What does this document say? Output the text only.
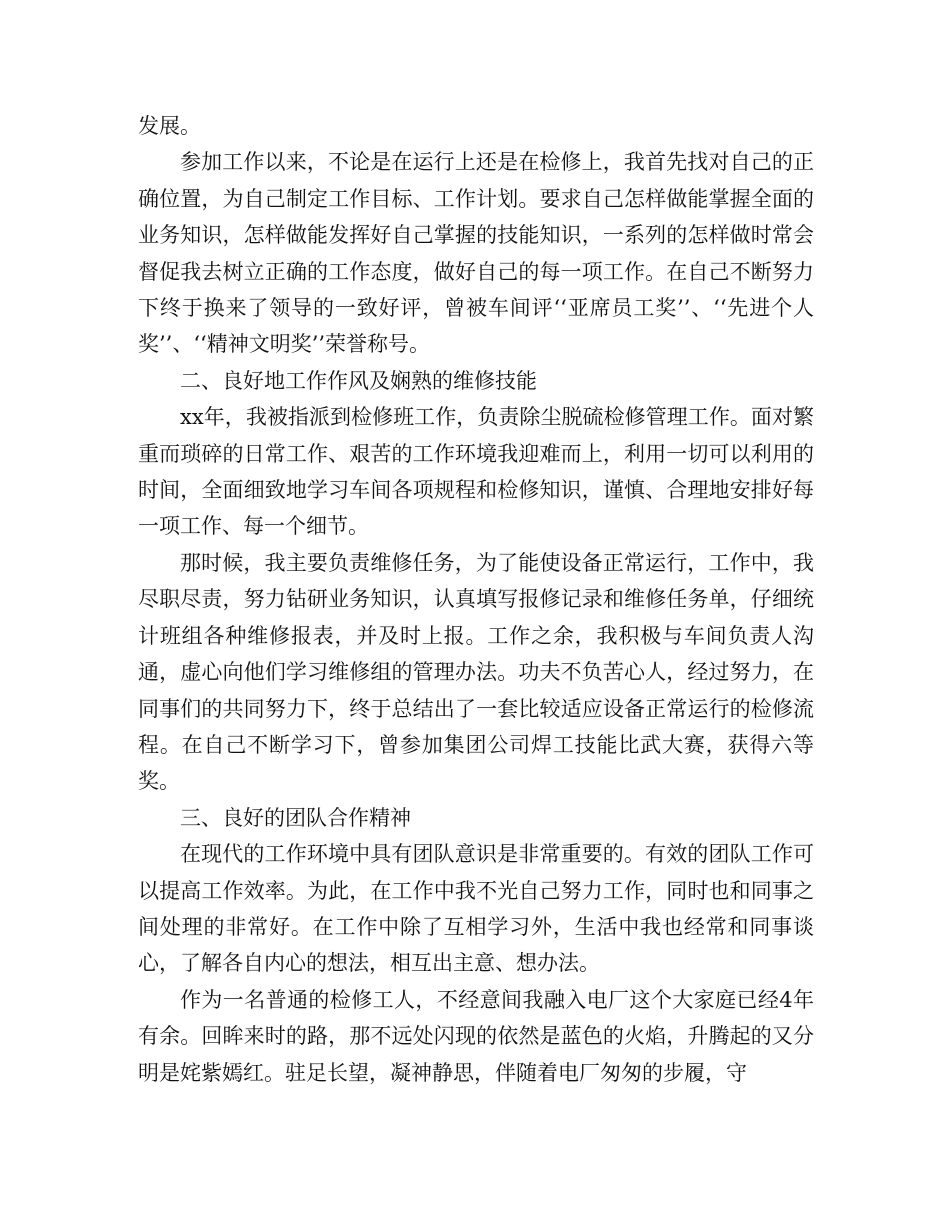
发展。

参加工作以来，不论是在运行上还是在检修上，我首先找对自己的正确位置，为自己制定工作目标、工作计划。要求自己怎样做能掌握全面的业务知识，怎样做能发挥好自己掌握的技能知识，一系列的怎样做时常会督促我去树立正确的工作态度，做好自己的每一项工作。在自己不断努力下终于换来了领导的一致好评，曾被车间评‘‘亚席员工奖’’、‘‘先进个人奖’’、‘‘精神文明奖’’荣誉称号。

二、良好地工作作风及娴熟的维修技能

xx年，我被指派到检修班工作，负责除尘脱硫检修管理工作。面对繁重而琐碎的日常工作、艰苦的工作环境我迎难而上，利用一切可以利用的时间，全面细致地学习车间各项规程和检修知识，谨慎、合理地安排好每一项工作、每一个细节。

那时候，我主要负责维修任务，为了能使设备正常运行，工作中，我尽职尽责，努力钻研业务知识，认真填写报修记录和维修任务单，仔细统计班组各种维修报表，并及时上报。工作之余，我积极与车间负责人沟通，虚心向他们学习维修组的管理办法。功夫不负苦心人，经过努力，在同事们的共同努力下，终于总结出了一套比较适应设备正常运行的检修流程。在自己不断学习下，曾参加集团公司焊工技能比武大赛，获得六等奖。

三、良好的团队合作精神

在现代的工作环境中具有团队意识是非常重要的。有效的团队工作可以提高工作效率。为此，在工作中我不光自己努力工作，同时也和同事之间处理的非常好。在工作中除了互相学习外，生活中我也经常和同事谈心，了解各自内心的想法，相互出主意、想办法。

作为一名普通的检修工人，不经意间我融入电厂这个大家庭已经4年有余。回眸来时的路，那不远处闪现的依然是蓝色的火焰，升腾起的又分明是姹紫嫣红。驻足长望，凝神静思，伴随着电厂匆匆的步履，守
